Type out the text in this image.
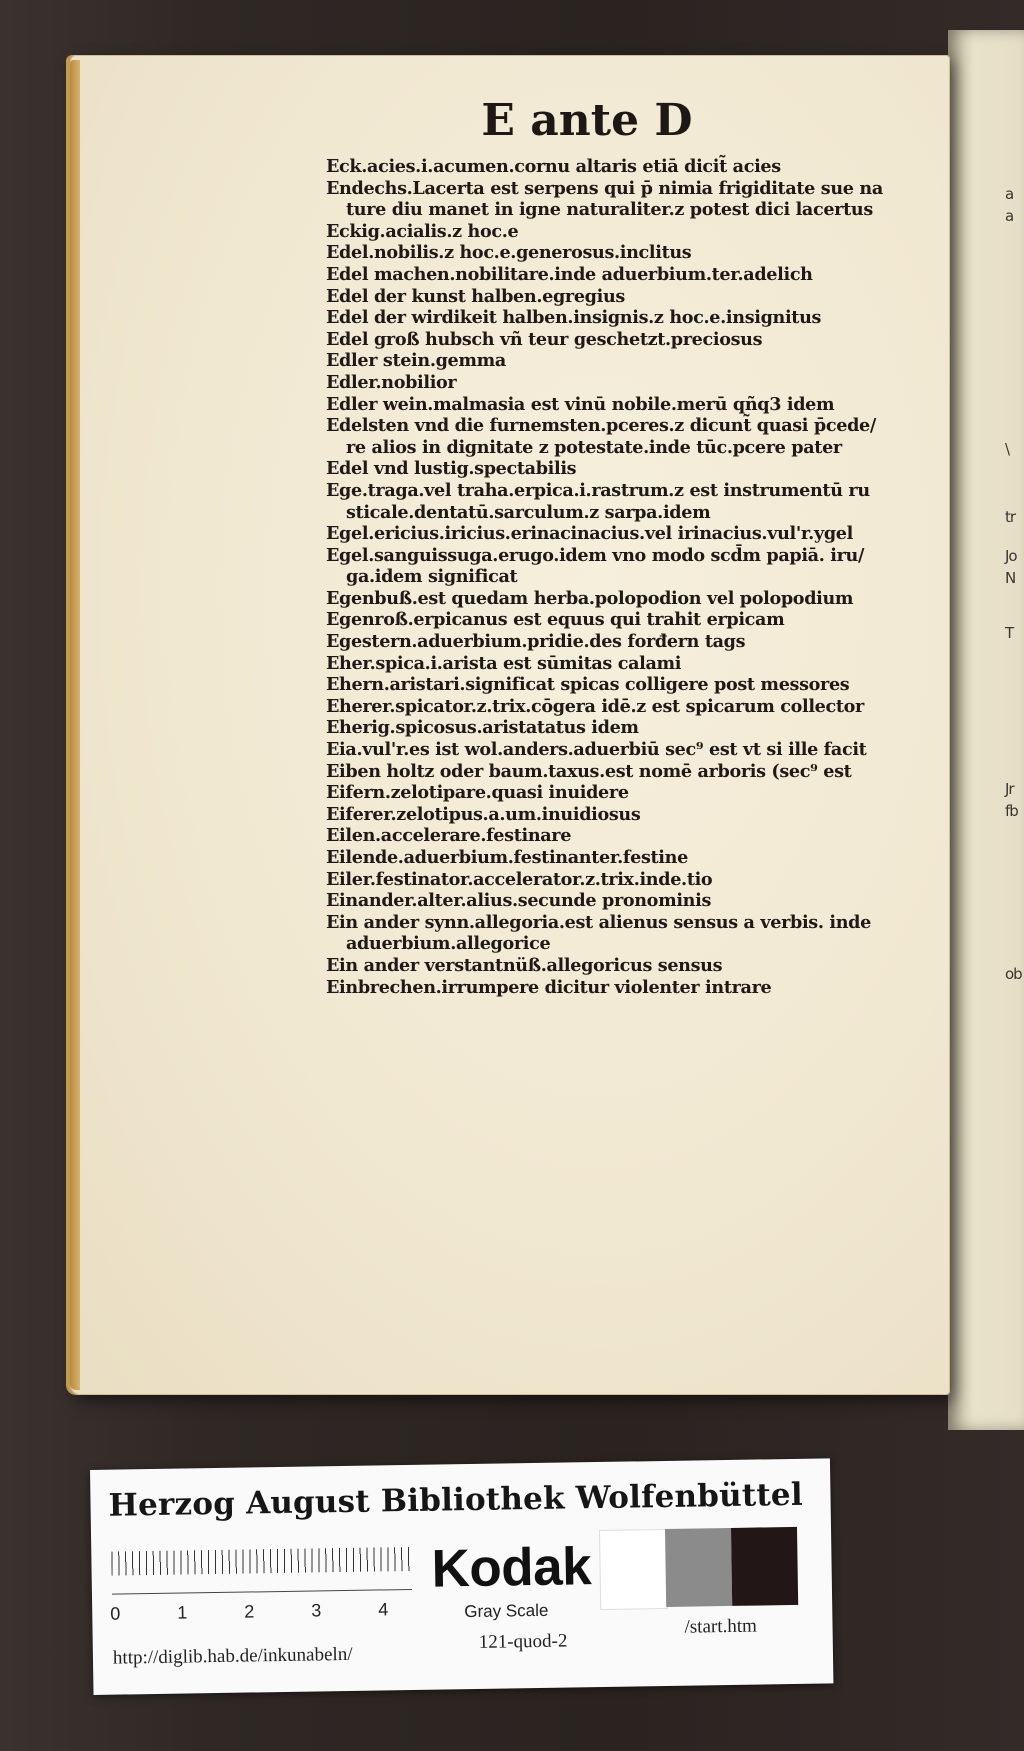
a
a
\
tr
Jo
N
T
Jr
fb
ob
E ante D
Eck.acies.i.acumen.cornu altaris etiā dicit̃ acies
Endechs.Lacerta est serpens qui p̄ nimia frigiditate sue na
ture diu manet in igne naturaliter.z potest dici lacertus
Eckig.acialis.z hoc.e
Edel.nobilis.z hoc.e.generosus.inclitus
Edel machen.nobilitare.inde aduerbium.ter.adelich
Edel der kunst halben.egregius
Edel der wirdikeit halben.insignis.z hoc.e.insignitus
Edel groß hubsch vñ teur geschetzt.preciosus
Edler stein.gemma
Edler.nobilior
Edler wein.malmasia est vinū nobile.merū qñq3 idem
Edelsten vnd die furnemsten.pceres.z dicunt̃ quasi p̄cede/
re alios in dignitate z potestate.inde tūc.pcere pater
Edel vnd lustig.spectabilis
Ege.traga.vel traha.erpica.i.rastrum.z est instrumentū ru
sticale.dentatū.sarculum.z sarpa.idem
Egel.ericius.iricius.erinacinacius.vel irinacius.vul'r.ygel
Egel.sanguissuga.erugo.idem vno modo scd̄m papiā. iru/
ga.idem significat
Egenbuß.est quedam herba.polopodion vel polopodium
Egenroß.erpicanus est equus qui trahit erpicam
Egestern.aduerbium.pridie.des forđern tags
Eher.spica.i.arista est sūmitas calami
Ehern.aristari.significat spicas colligere post messores
Eherer.spicator.z.trix.cōgera idē.z est spicarum collector
Eherig.spicosus.aristatatus idem
Eia.vul'r.es ist wol.anders.aduerbiū sec⁹ est vt si ille facit
Eiben holtz oder baum.taxus.est nomē arboris (sec⁹ est
Eifern.zelotipare.quasi inuidere
Eiferer.zelotipus.a.um.inuidiosus
Eilen.accelerare.festinare
Eilende.aduerbium.festinanter.festine
Eiler.festinator.accelerator.z.trix.inde.tio
Einander.alter.alius.secunde pronominis
Ein ander synn.allegoria.est alienus sensus a verbis. inde
aduerbium.allegorice
Ein ander verstantnüß.allegoricus sensus
Einbrechen.irrumpere dicitur violenter intrare
Herzog August Bibliothek Wolfenbüttel
0	1	2	3	4
Kodak
Gray Scale
http://diglib.hab.de/inkunabeln/
121-quod-2
/start.htm
